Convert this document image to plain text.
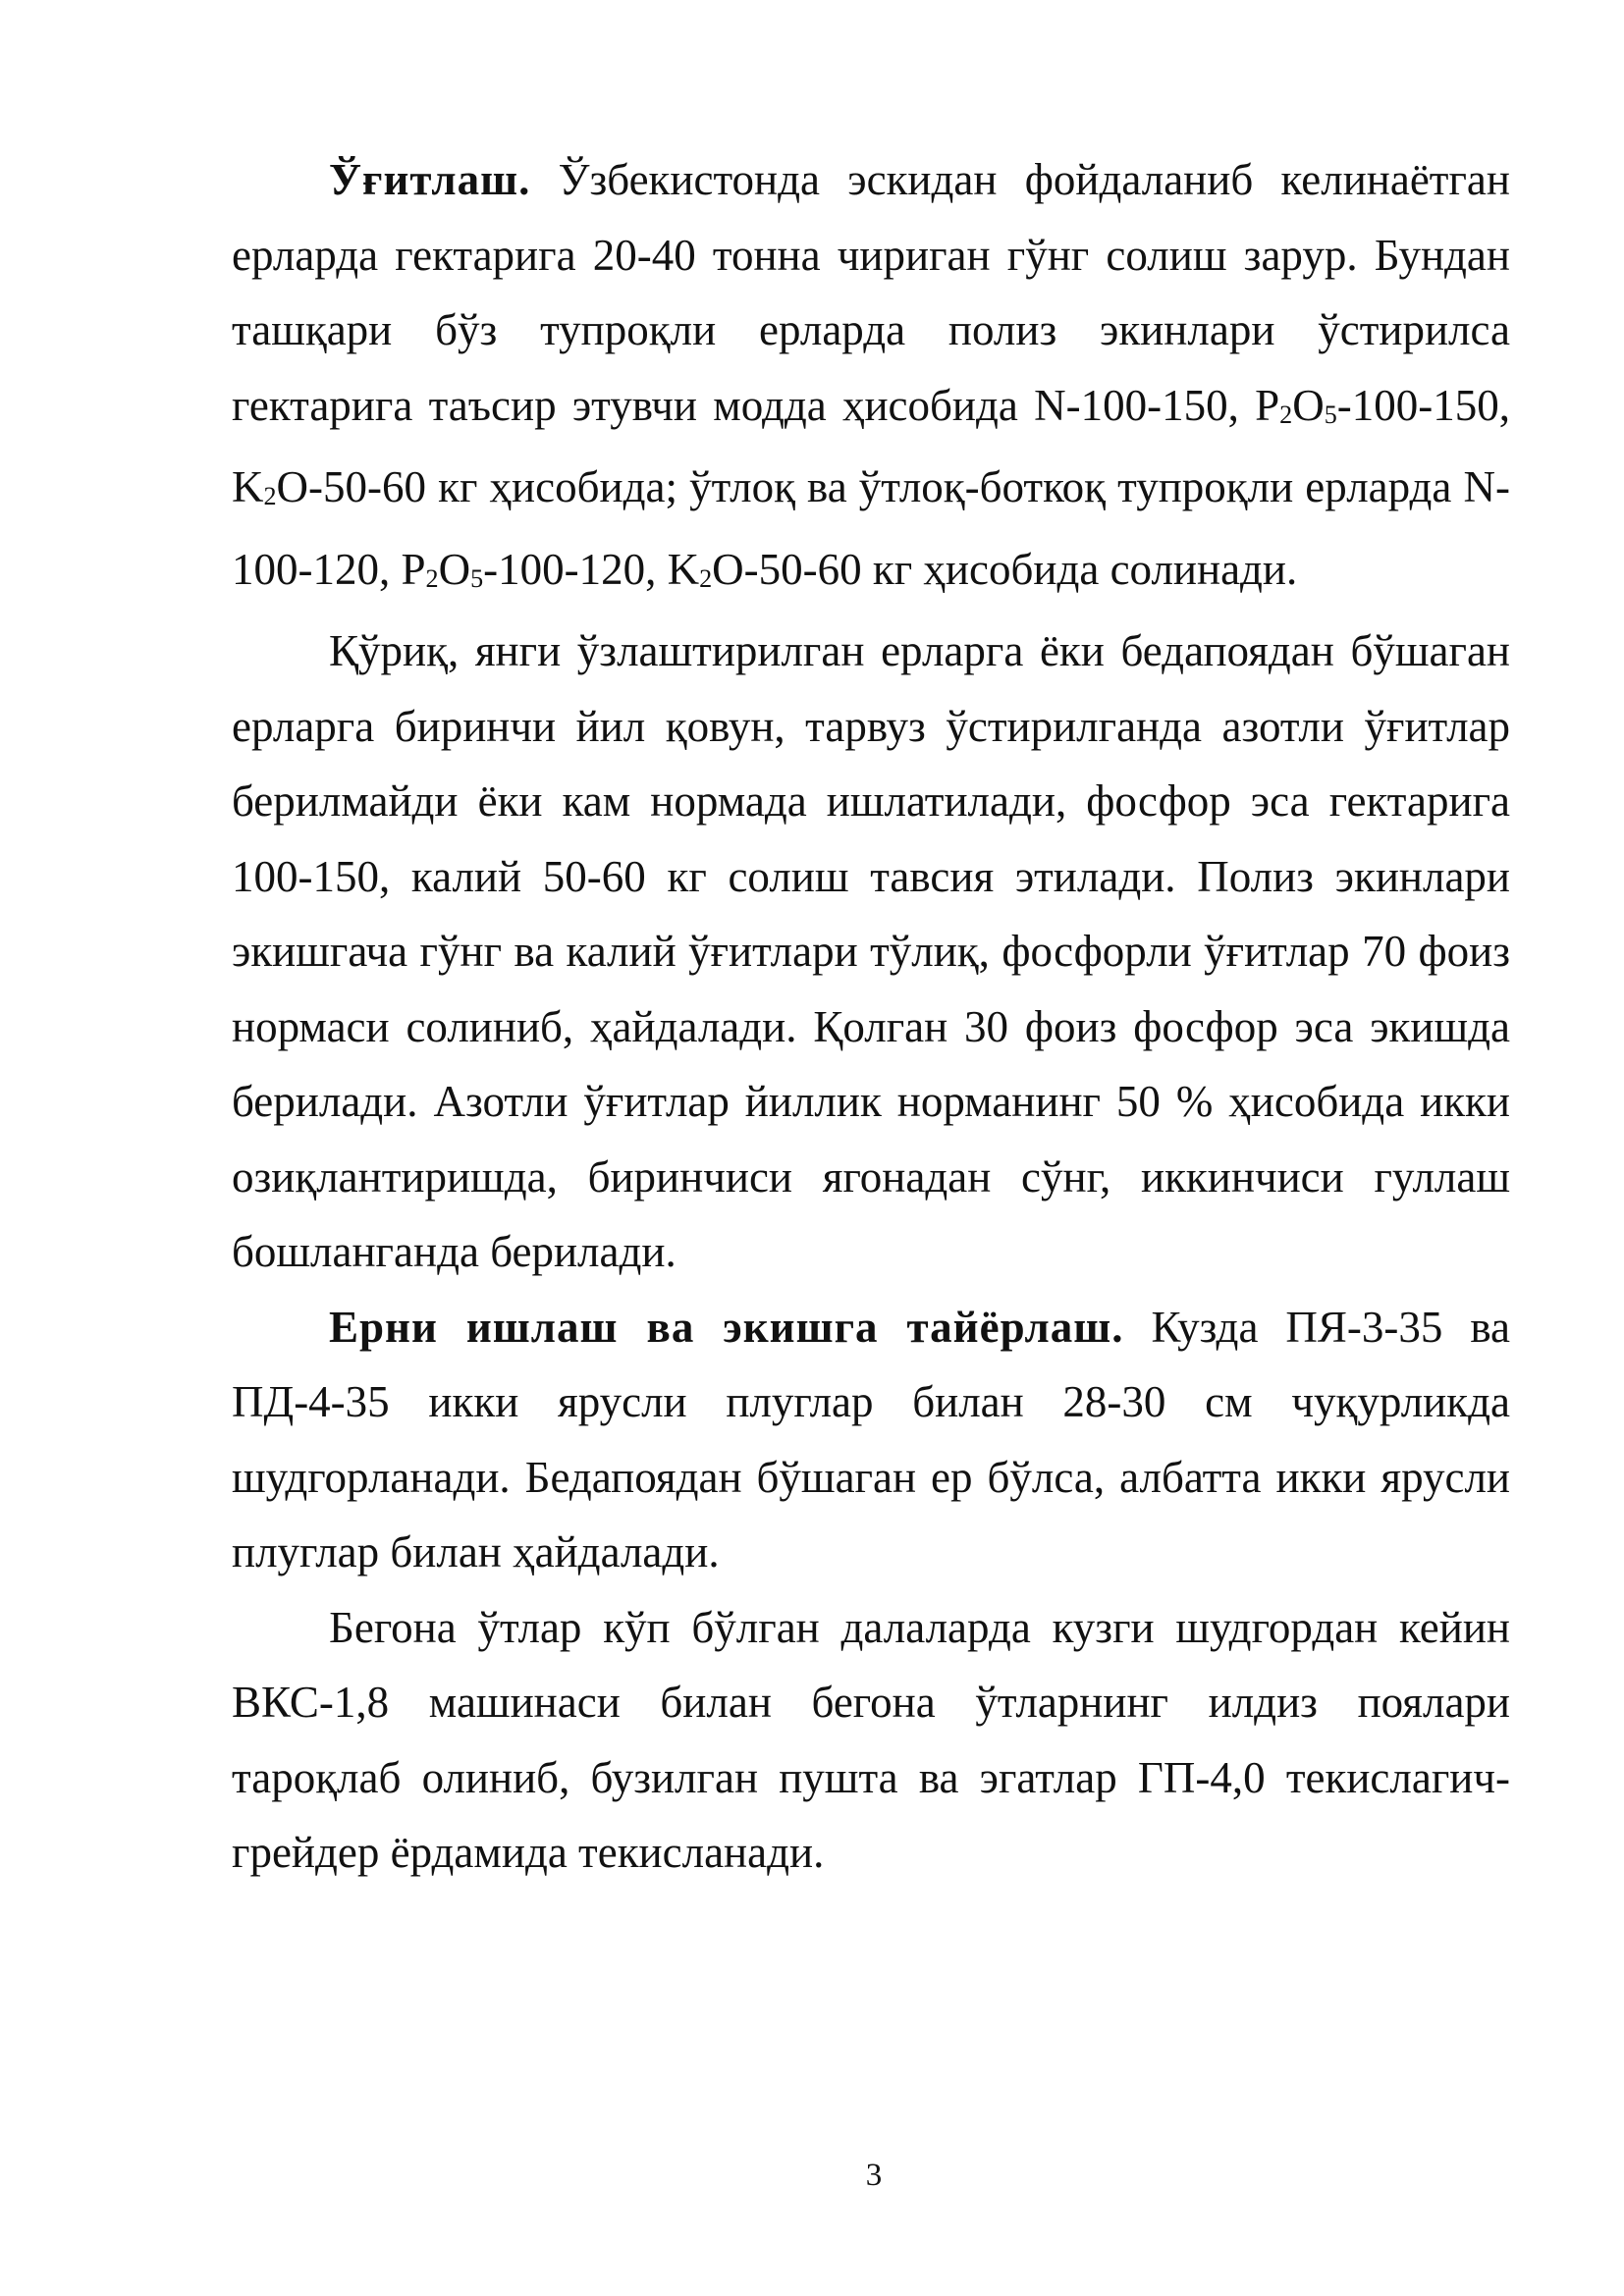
Ўғитлаш. Ўзбекистонда эскидан фойдаланиб келинаётган ерларда гектарига 20-40 тонна чириган гўнг солиш зарур. Бундан ташқари бўз тупроқли ерларда полиз экинлари ўстирилса гектарига таъсир этувчи модда ҳисобида N-100-150, $P_2O_5-100-150$, $K_2O-50-60$ кг ҳисобида; ўтлоқ ва ўтлоқ-боткоқ тупроқли ерларда N-100-120, $P_2O_5-100-120$, $K_2O-50-60$ кг ҳисобида солинади.

Қўриқ, янги ўзлаштирилган ерларга ёки бедапоядан бўшаган ерларга биринчи йил қовун, тарвуз ўстирилганда азотли ўғитлар берилмайди ёки кам нормада ишлатилади, фосфор эса гектарига 100-150, калий 50-60 кг солиш тавсия этилади. Полиз экинлари экишгача гўнг ва калий ўғитлари тўлиқ, фосфорли ўғитлар 70 фоиз нормаси солиниб, ҳайдалади. Қолган 30 фоиз фосфор эса экишда берилади. Азотли ўғитлар йиллик норманинг 50 % ҳисобида икки озиқлантиришда, биринчиси ягонадан сўнг, иккинчиси гуллаш бошланганда берилади.

Ерни ишлаш ва экишга тайёрлаш. Кузда ПЯ-3-35 ва ПД-4-35 икки ярусли плуглар билан 28-30 см чуқурликда шудгорланади. Бедапоядан бўшаган ер бўлса, албатта икки ярусли плуглар билан ҳайдалади.

Бегона ўтлар кўп бўлган далаларда кузги шудгордан кейин ВКС-1,8 машинаси билан бегона ўтларнинг илдиз поялари тароқлаб олиниб, бузилган пушта ва эгатлар ГП-4,0 текислагич-грейдер ёрдамида текисланади.

3
